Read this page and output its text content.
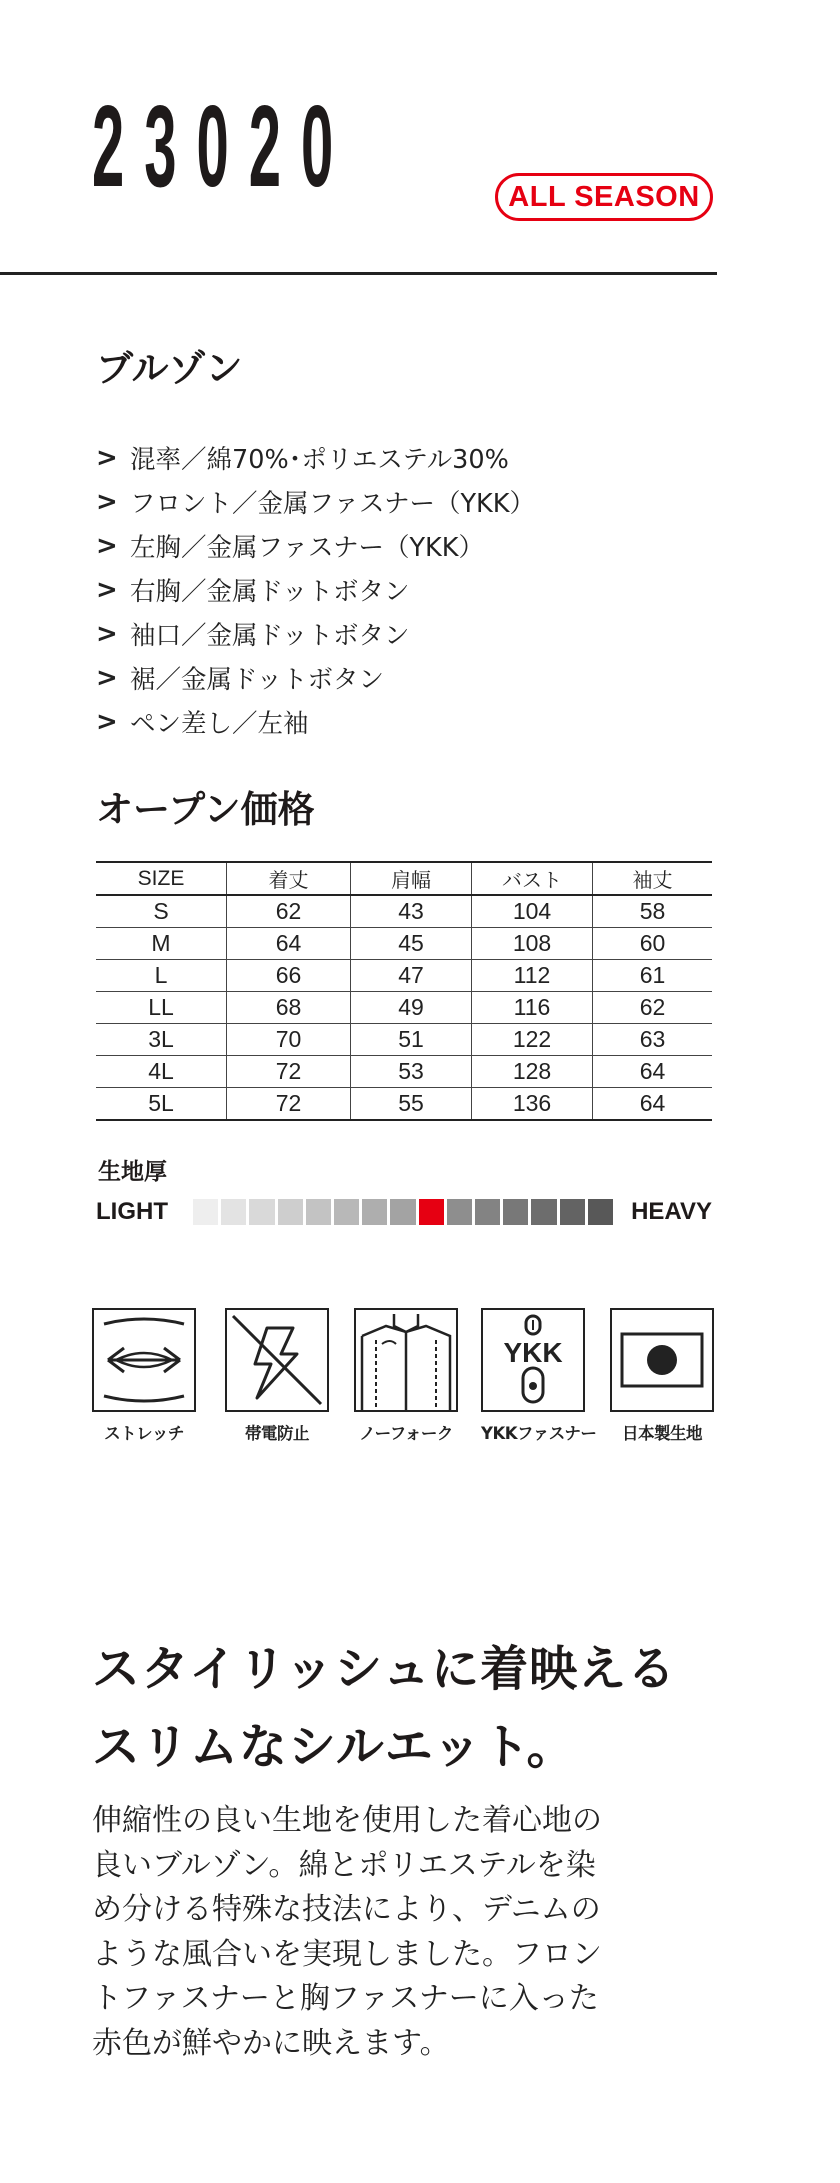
23020	ALL SEASON
ブルゾン
> 混率／綿70%･ポリエステル30%
> フロント／金属ファスナー（YKK）
> 左胸／金属ファスナー（YKK）
> 右胸／金属ドットボタン
> 袖口／金属ドットボタン
> 裾／金属ドットボタン
> ペン差し／左袖
オープン価格
SIZE	着丈	肩幅	バスト	袖丈
S	62	43	104	58
M	64	45	108	60
L	66	47	112	61
LL	68	49	116	62
3L	70	51	122	63
4L	72	53	128	64
5L	72	55	136	64
生地厚
LIGHT	HEAVY
ストレッチ	帯電防止	ノーフォーク
YKK
YKKファスナー	日本製生地
スタイリッシュに着映える
スリムなシルエット。

伸縮性の良い生地を使用した着心地の
良いブルゾン。綿とポリエステルを染
め分ける特殊な技法により、デニムの
ような風合いを実現しました。フロン
トファスナーと胸ファスナーに入った
赤色が鮮やかに映えます。
